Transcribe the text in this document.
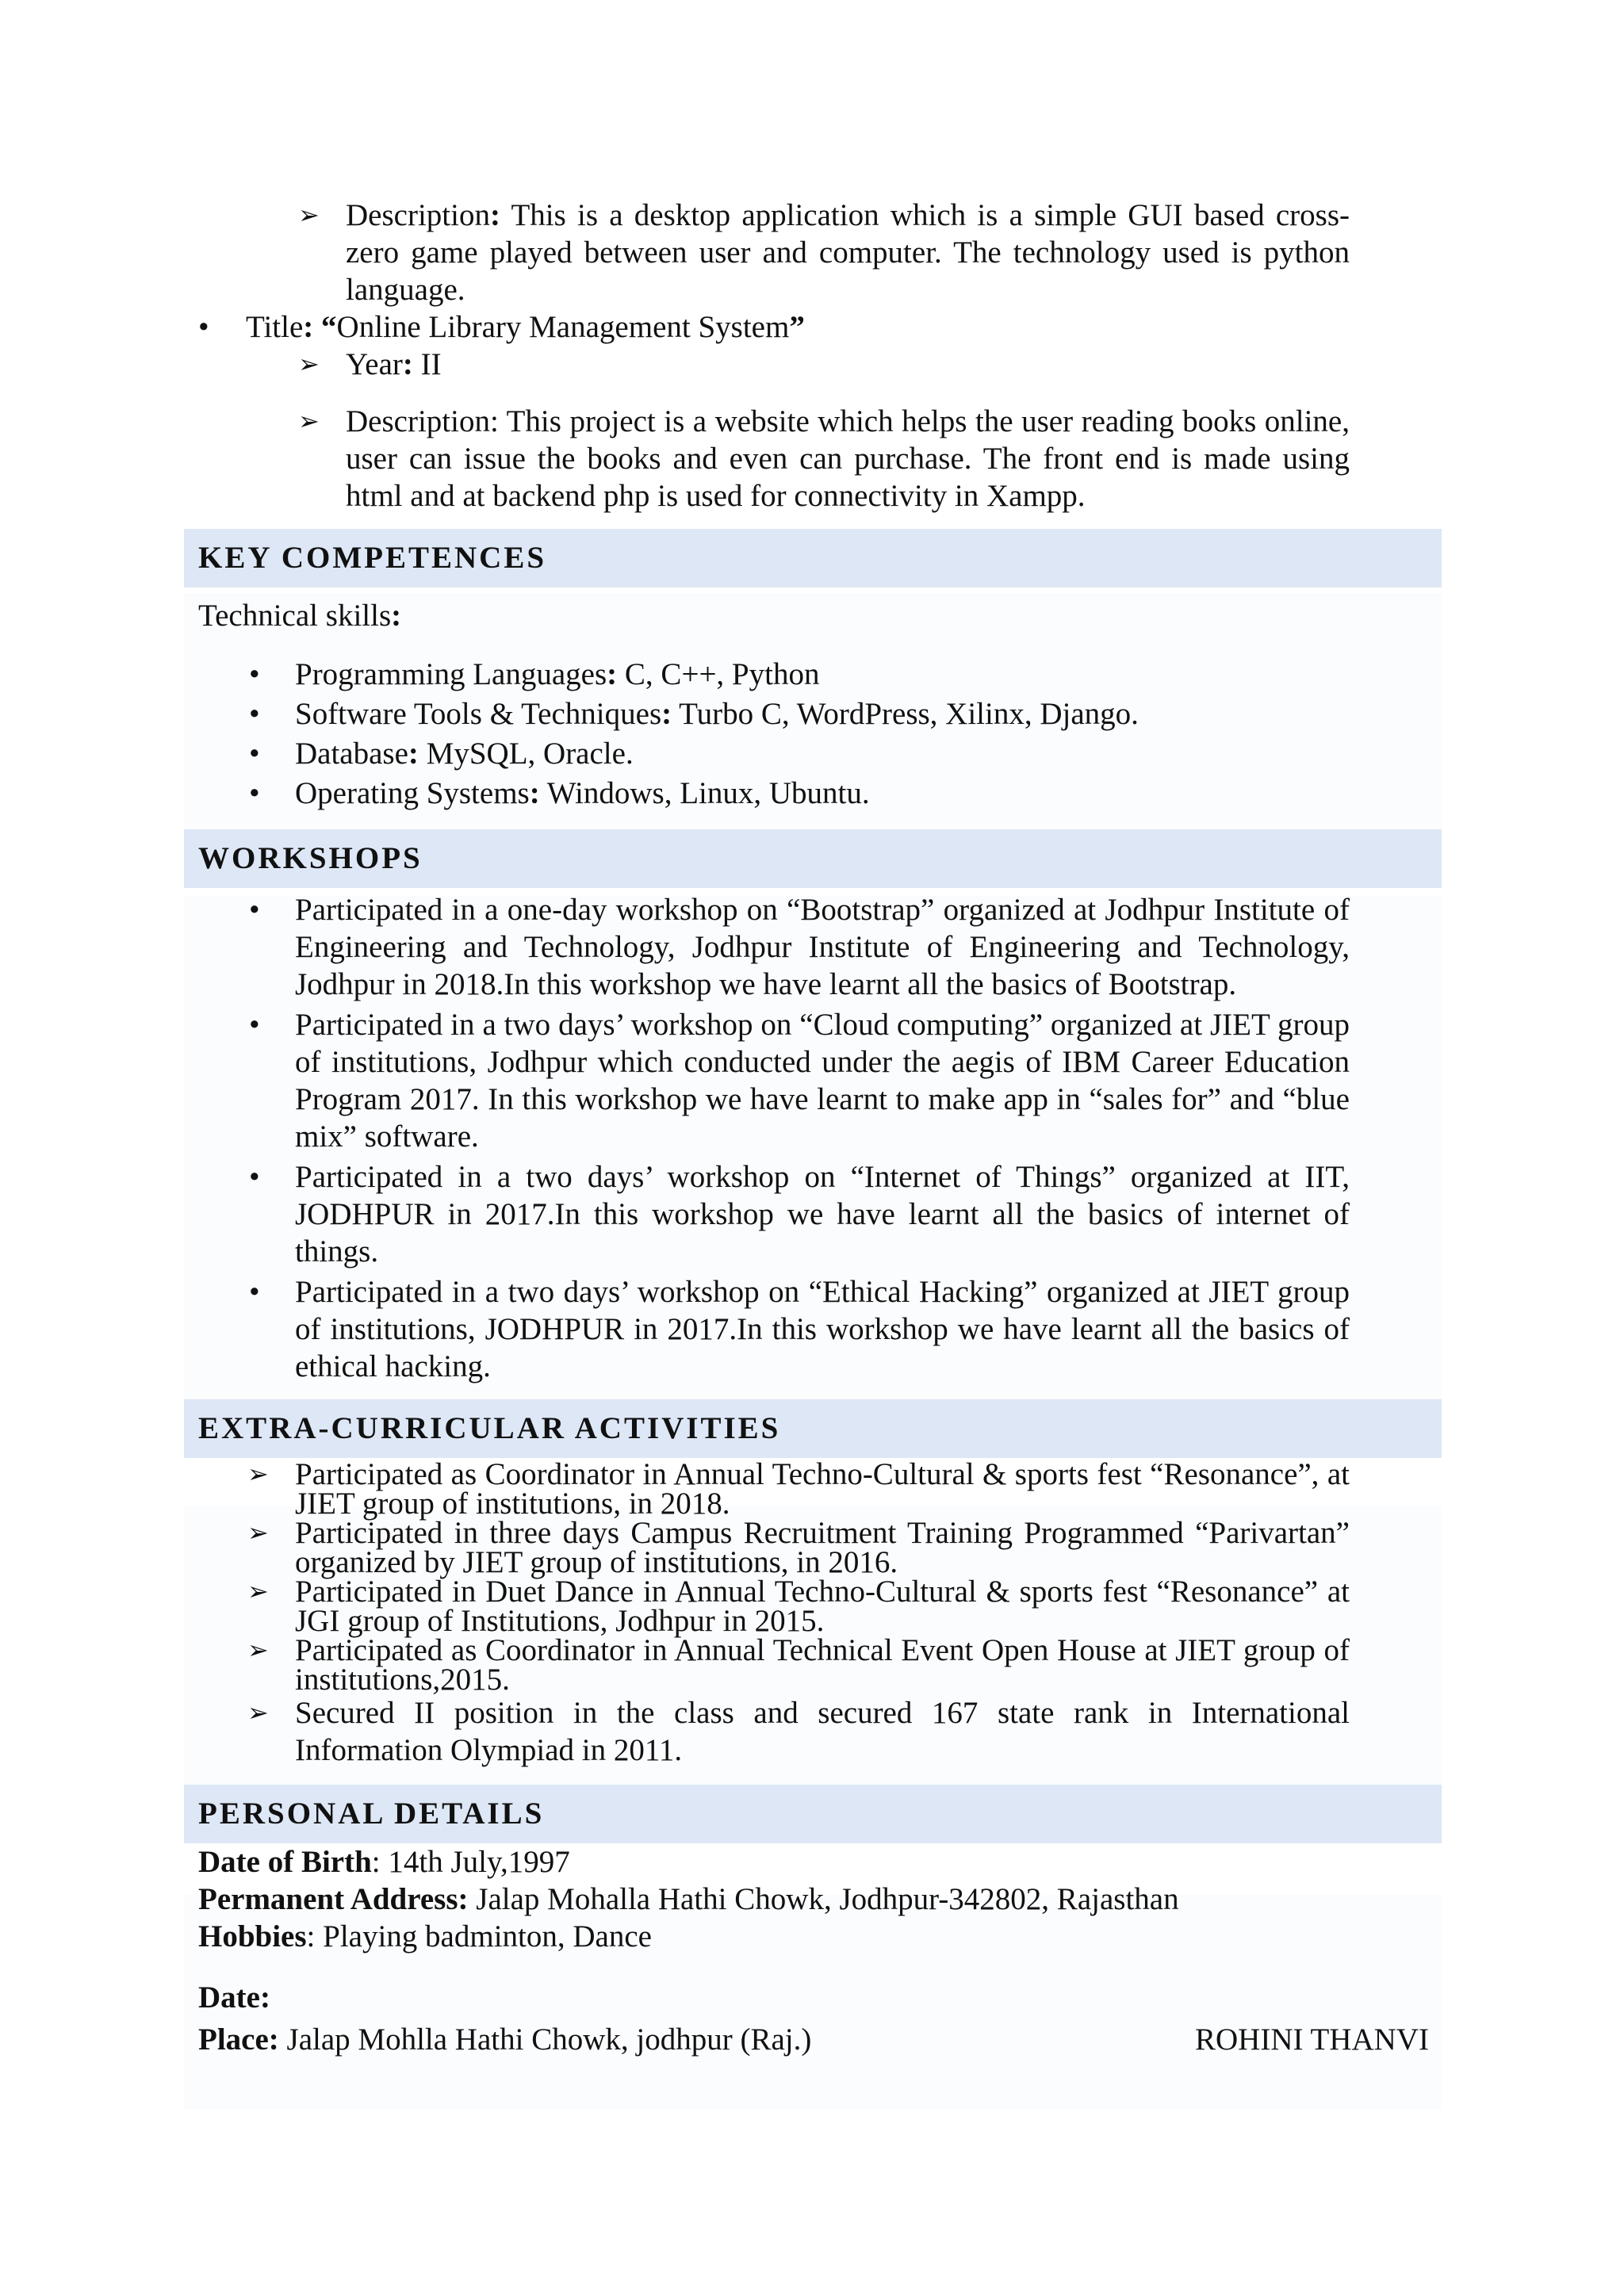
➢ Description: This is a desktop application which is a simple GUI based cross-zero game played between user and computer. The technology used is python language.
• Title: “Online Library Management System”
➢ Year: II
➢ Description: This project is a website which helps the user reading books online, user can issue the books and even can purchase. The front end is made using html and at backend php is used for connectivity in Xampp.
KEY COMPETENCES
Technical skills:
• Programming Languages: C, C++, Python
• Software Tools & Techniques: Turbo C, WordPress, Xilinx, Django.
• Database: MySQL, Oracle.
• Operating Systems: Windows, Linux, Ubuntu.
WORKSHOPS
• Participated in a one-day workshop on “Bootstrap” organized at Jodhpur Institute of Engineering and Technology, Jodhpur Institute of Engineering and Technology, Jodhpur in 2018.In this workshop we have learnt all the basics of Bootstrap.
• Participated in a two days’ workshop on “Cloud computing” organized at JIET group of institutions, Jodhpur which conducted under the aegis of IBM Career Education Program 2017. In this workshop we have learnt to make app in “sales for” and “blue mix” software.
• Participated in a two days’ workshop on “Internet of Things” organized at IIT, JODHPUR in 2017.In this workshop we have learnt all the basics of internet of things.
• Participated in a two days’ workshop on “Ethical Hacking” organized at JIET group of institutions, JODHPUR in 2017.In this workshop we have learnt all the basics of ethical hacking.
EXTRA-CURRICULAR ACTIVITIES
➢ Participated as Coordinator in Annual Techno-Cultural & sports fest “Resonance”, at JIET group of institutions, in 2018.
➢ Participated in three days Campus Recruitment Training Programmed “Parivartan” organized by JIET group of institutions, in 2016.
➢ Participated in Duet Dance in Annual Techno-Cultural & sports fest “Resonance” at JGI group of Institutions, Jodhpur in 2015.
➢ Participated as Coordinator in Annual Technical Event Open House at JIET group of institutions,2015.
➢ Secured II position in the class and secured 167 state rank in International Information Olympiad in 2011.
PERSONAL DETAILS
Date of Birth: 14th July,1997
Permanent Address: Jalap Mohalla Hathi Chowk, Jodhpur-342802, Rajasthan
Hobbies: Playing badminton, Dance
Date:
Place: Jalap Mohlla Hathi Chowk, jodhpur (Raj.)	ROHINI THANVI
